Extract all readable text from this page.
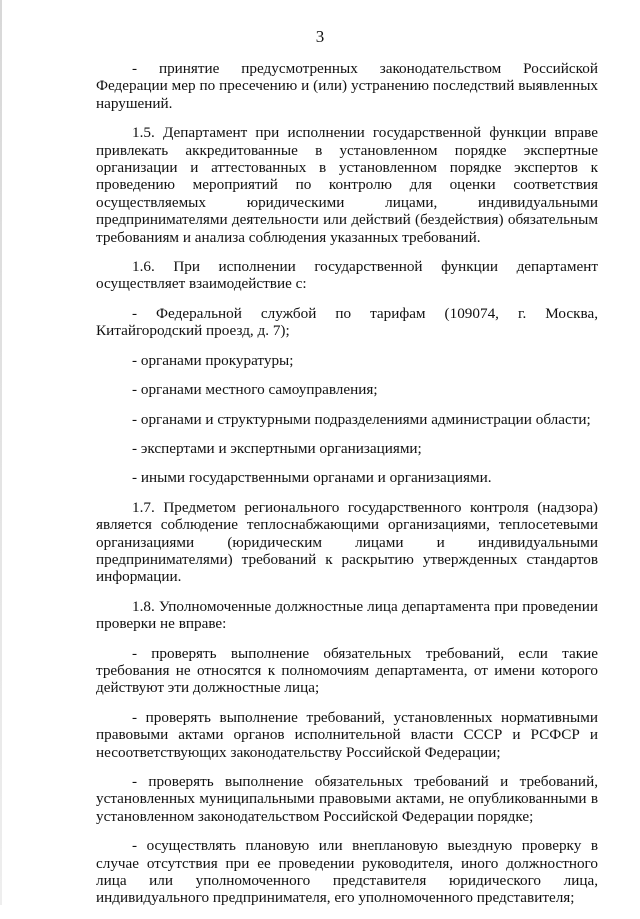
3

- принятие предусмотренных законодательством Российской Федерации мер по пресечению и (или) устранению последствий выявленных нарушений.

1.5. Департамент при исполнении государственной функции вправе привлекать аккредитованные в установленном порядке экспертные организации и аттестованных в установленном порядке экспертов к проведению мероприятий по контролю для оценки соответствия осуществляемых юридическими лицами, индивидуальными предпринимателями деятельности или действий (бездействия) обязательным требованиям и анализа соблюдения указанных требований.

1.6. При исполнении государственной функции департамент осуществляет взаимодействие с:

- Федеральной службой по тарифам (109074, г. Москва, Китайгородский проезд, д. 7);

- органами прокуратуры;

- органами местного самоуправления;

- органами и структурными подразделениями администрации области;

- экспертами и экспертными организациями;

- иными государственными органами и организациями.

1.7. Предметом регионального государственного контроля (надзора) является соблюдение теплоснабжающими организациями, теплосетевыми организациями (юридическим лицами и индивидуальными предпринимателями) требований к раскрытию утвержденных стандартов информации.

1.8. Уполномоченные должностные лица департамента при проведении проверки не вправе:

- проверять выполнение обязательных требований, если такие требования не относятся к полномочиям департамента, от имени которого действуют эти должностные лица;

- проверять выполнение требований, установленных нормативными правовыми актами органов исполнительной власти СССР и РСФСР и несоответствующих законодательству Российской Федерации;

- проверять выполнение обязательных требований и требований, установленных муниципальными правовыми актами, не опубликованными в установленном законодательством Российской Федерации порядке;

- осуществлять плановую или внеплановую выездную проверку в случае отсутствия при ее проведении руководителя, иного должностного лица или уполномоченного представителя юридического лица, индивидуального предпринимателя, его уполномоченного представителя;
